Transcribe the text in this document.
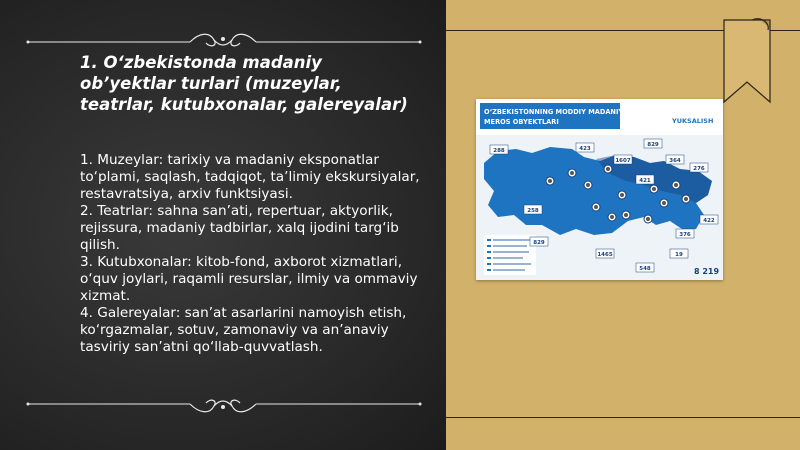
1. O‘zbekistonda madaniy ob’yektlar turlari (muzeylar, teatrlar, kutubxonalar, galereyalar)

1. Muzeylar: tarixiy va madaniy eksponatlar to‘plami, saqlash, tadqiqot, ta’limiy ekskursiyalar, restavratsiya, arxiv funktsiyasi.

2. Teatrlar: sahna san’ati, repertuar, aktyorlik, rejissura, madaniy tadbirlar, xalq ijodini targ‘ib qilish.

3. Kutubxonalar: kitob-fond, axborot xizmatlari, o‘quv joylari, raqamli resurslar, ilmiy va ommaviy xizmat.

4. Galereyalar: san’at asarlarini namoyish etish, ko‘rgazmalar, sotuv, zamonaviy va an’anaviy tasviriy san’atni qo‘llab-quvvatlash.

O‘ZBEKISTONNING MODDIY MADANIY
MEROS OBYEKTLARI	YUKSALISH
8 219
288	423
829
1607	364
276
421
258
829
1465
548
19
376
422
